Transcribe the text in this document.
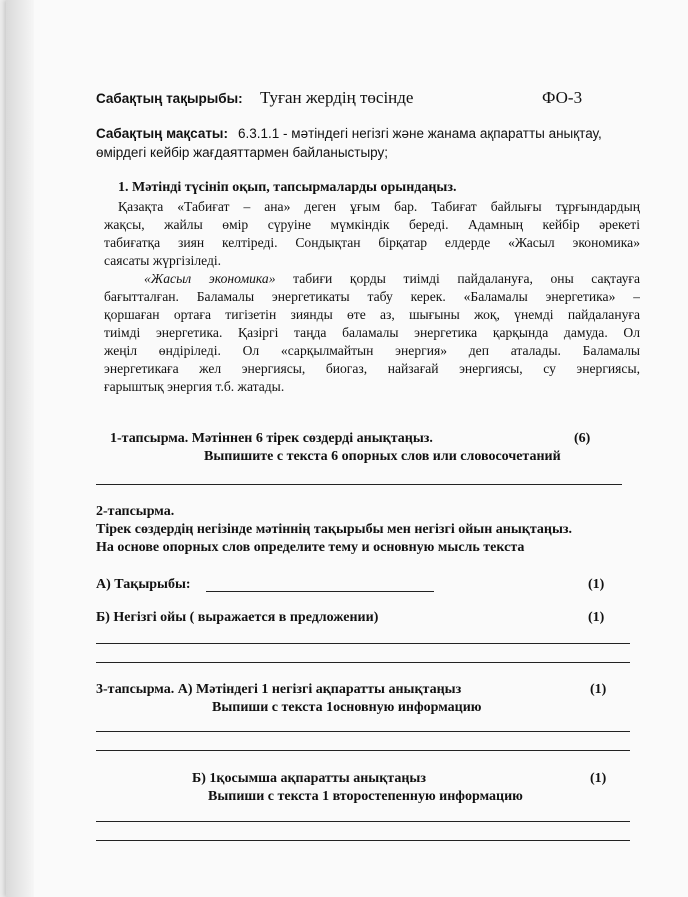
Сабақтың тақырыбы: Туған жердің төсінде	ФО-3
Сабақтың мақсаты: 6.3.1.1 - мәтіндегі негізгі және жанама ақпаратты анықтау,
өмірдегі кейбір жағдаяттармен байланыстыру;
1. Мәтінді түсініп оқып, тапсырмаларды орындаңыз.
Қазақта «Табиғат – ана» деген ұғым бар. Табиғат байлығы тұрғындардың
жақсы, жайлы өмір сүруіне мүмкіндік береді. Адамның кейбір әрекеті
табиғатқа зиян келтіреді. Сондықтан бірқатар елдерде «Жасыл экономика»
саясаты жүргізіледі.
«Жасыл экономика» табиғи қорды тиімді пайдалануға, оны сақтауға
бағытталған. Баламалы энергетикаты табу керек. «Баламалы энергетика» –
қоршаған ортаға тигізетін зиянды өте аз, шығыны жоқ, үнемді пайдалануға
тиімді энергетика. Қазіргі таңда баламалы энергетика қарқында дамуда. Ол
жеңіл өндіріледі. Ол «сарқылмайтын энергия» деп аталады. Баламалы
энергетикаға жел энергиясы, биогаз, найзағай энергиясы, су энергиясы,
ғарыштық энергия т.б. жатады.
1-тапсырма. Мәтіннен 6 тірек сөздерді анықтаңыз.	(6)
Выпишите с текста 6 опорных слов или словосочетаний
2-тапсырма.
Тірек сөздердің негізінде мәтіннің тақырыбы мен негізгі ойын анықтаңыз.
На основе опорных слов определите тему и основную мысль текста
А) Тақырыбы:	(1)
Б) Негізгі ойы ( выражается в предложении)	(1)
3-тапсырма. А) Мәтіндегі 1 негізгі ақпаратты анықтаңыз	(1)
Выпиши с текста 1основную информацию
Б) 1қосымша ақпаратты анықтаңыз	(1)
Выпиши с текста 1 второстепенную информацию
